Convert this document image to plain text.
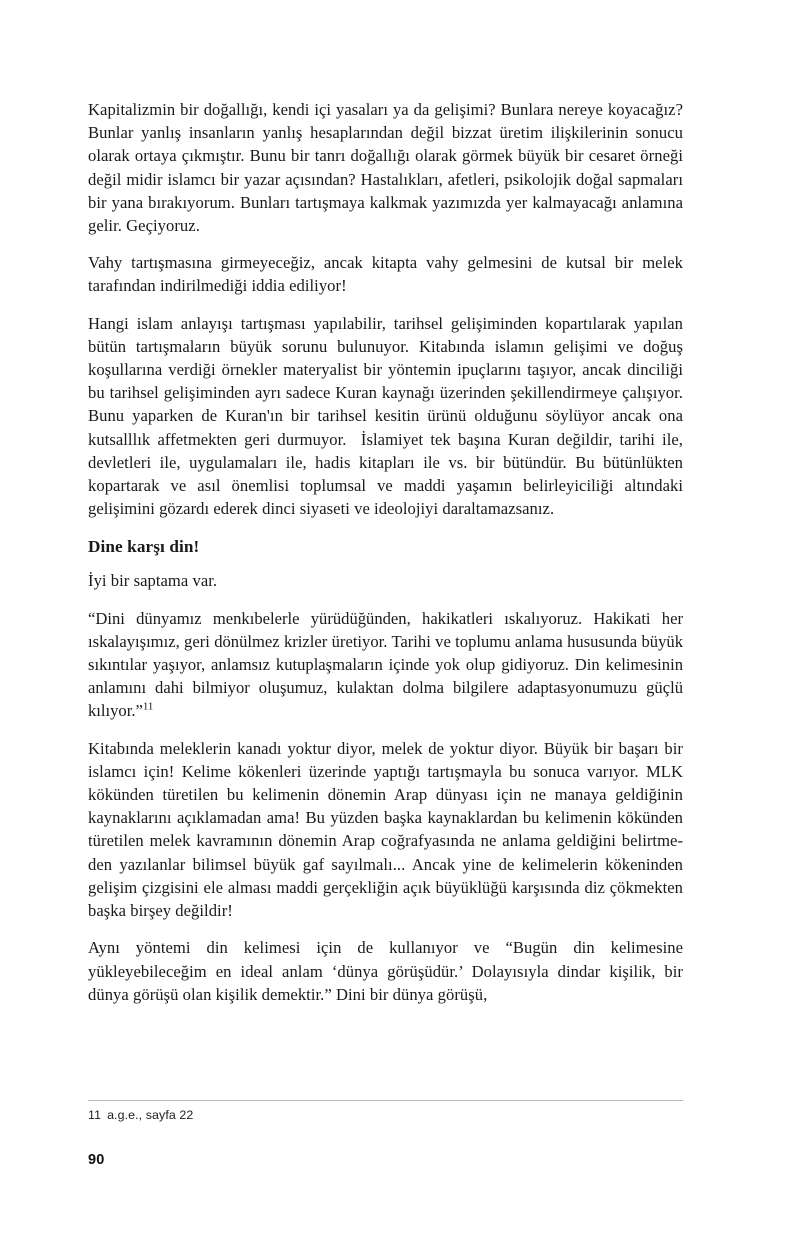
Kapitalizmin bir doğallığı, kendi içi yasaları ya da gelişimi? Bunlara nereye koyacağız? Bunlar yanlış insanların yanlış hesaplarından değil bizzat üretim ilişkilerinin sonucu olarak ortaya çıkmıştır. Bunu bir tanrı doğallığı olarak görmek büyük bir cesaret örneği değil midir islamcı bir yazar açısından? Hastalıkları, afetleri, psikolojik doğal sapmaları bir yana bırakıyorum. Bunları tartışmaya kalkmak yazımızda yer kalmayacağı anlamına gelir. Geçiyoruz.

Vahy tartışmasına girmeyeceğiz, ancak kitapta vahy gelmesini de kutsal bir melek tarafından indirilmediği iddia ediliyor!

Hangi islam anlayışı tartışması yapılabilir, tarihsel gelişiminden kopartılarak yapılan bütün tartışmaların büyük sorunu bulunuyor. Kitabında islamın gelişimi ve doğuş koşullarına verdiği örnekler materyalist bir yöntemin ipuçlarını taşıyor, ancak dinciliği bu tarihsel gelişiminden ayrı sadece Kuran kaynağı üzerinden şekillendirmeye çalışıyor. Bunu yaparken de Kuran'ın bir tarihsel kesitin ürünü olduğunu söylüyor ancak ona kutsalllık affetmekten geri durmuyor.  İslamiyet tek başına Kuran değildir, tarihi ile, devletleri ile, uygulamaları ile, hadis kitapları ile vs. bir bütündür. Bu bütünlükten kopartarak ve asıl önemlisi toplumsal ve maddi yaşamın belirleyiciliği altındaki gelişimini gözardı ederek dinci siyaseti ve ideolojiyi daraltamazsanız.

Dine karşı din!

İyi bir saptama var.

“Dini dünyamız menkıbelerle yürüdüğünden, hakikatleri ıskalıyoruz. Hakikati her ıskalayışımız, geri dönülmez krizler üretiyor. Tarihi ve toplumu anlama hususunda büyük sıkıntılar yaşıyor, anlamsız kutuplaşmaların içinde yok olup gidiyoruz. Din kelimesinin anlamını dahi bilmiyor oluşumuz, kulaktan dolma bilgilere adaptasyonumuzu güçlü kılıyor.”$^{11}$

Kitabında meleklerin kanadı yoktur diyor, melek de yoktur diyor. Büyük bir başarı bir islamcı için! Kelime kökenleri üzerinde yaptığı tartışmayla bu sonuca varıyor. MLK kökünden türetilen bu kelimenin dönemin Arap dünyası için ne manaya geldiğinin kaynaklarını açıklamadan ama! Bu yüzden başka kaynaklardan bu kelimenin kökünden türetilen melek kavramının dönemin Arap coğrafyasında ne anlama geldiğini belirtmeden yazılanlar bilimsel büyük gaf sayılmalı... Ancak yine de kelimelerin kökeninden gelişim çizgisini ele alması maddi gerçekliğin açık büyüklüğü karşısında diz çökmekten başka birşey değildir!

Aynı yöntemi din kelimesi için de kullanıyor ve “Bugün din kelimesine yükleyebileceğim en ideal anlam ‘dünya görüşüdür.’ Dolayısıyla dindar kişilik, bir dünya görüşü olan kişilik demektir.” Dini bir dünya görüşü,

11 a.g.e., sayfa 22
90
